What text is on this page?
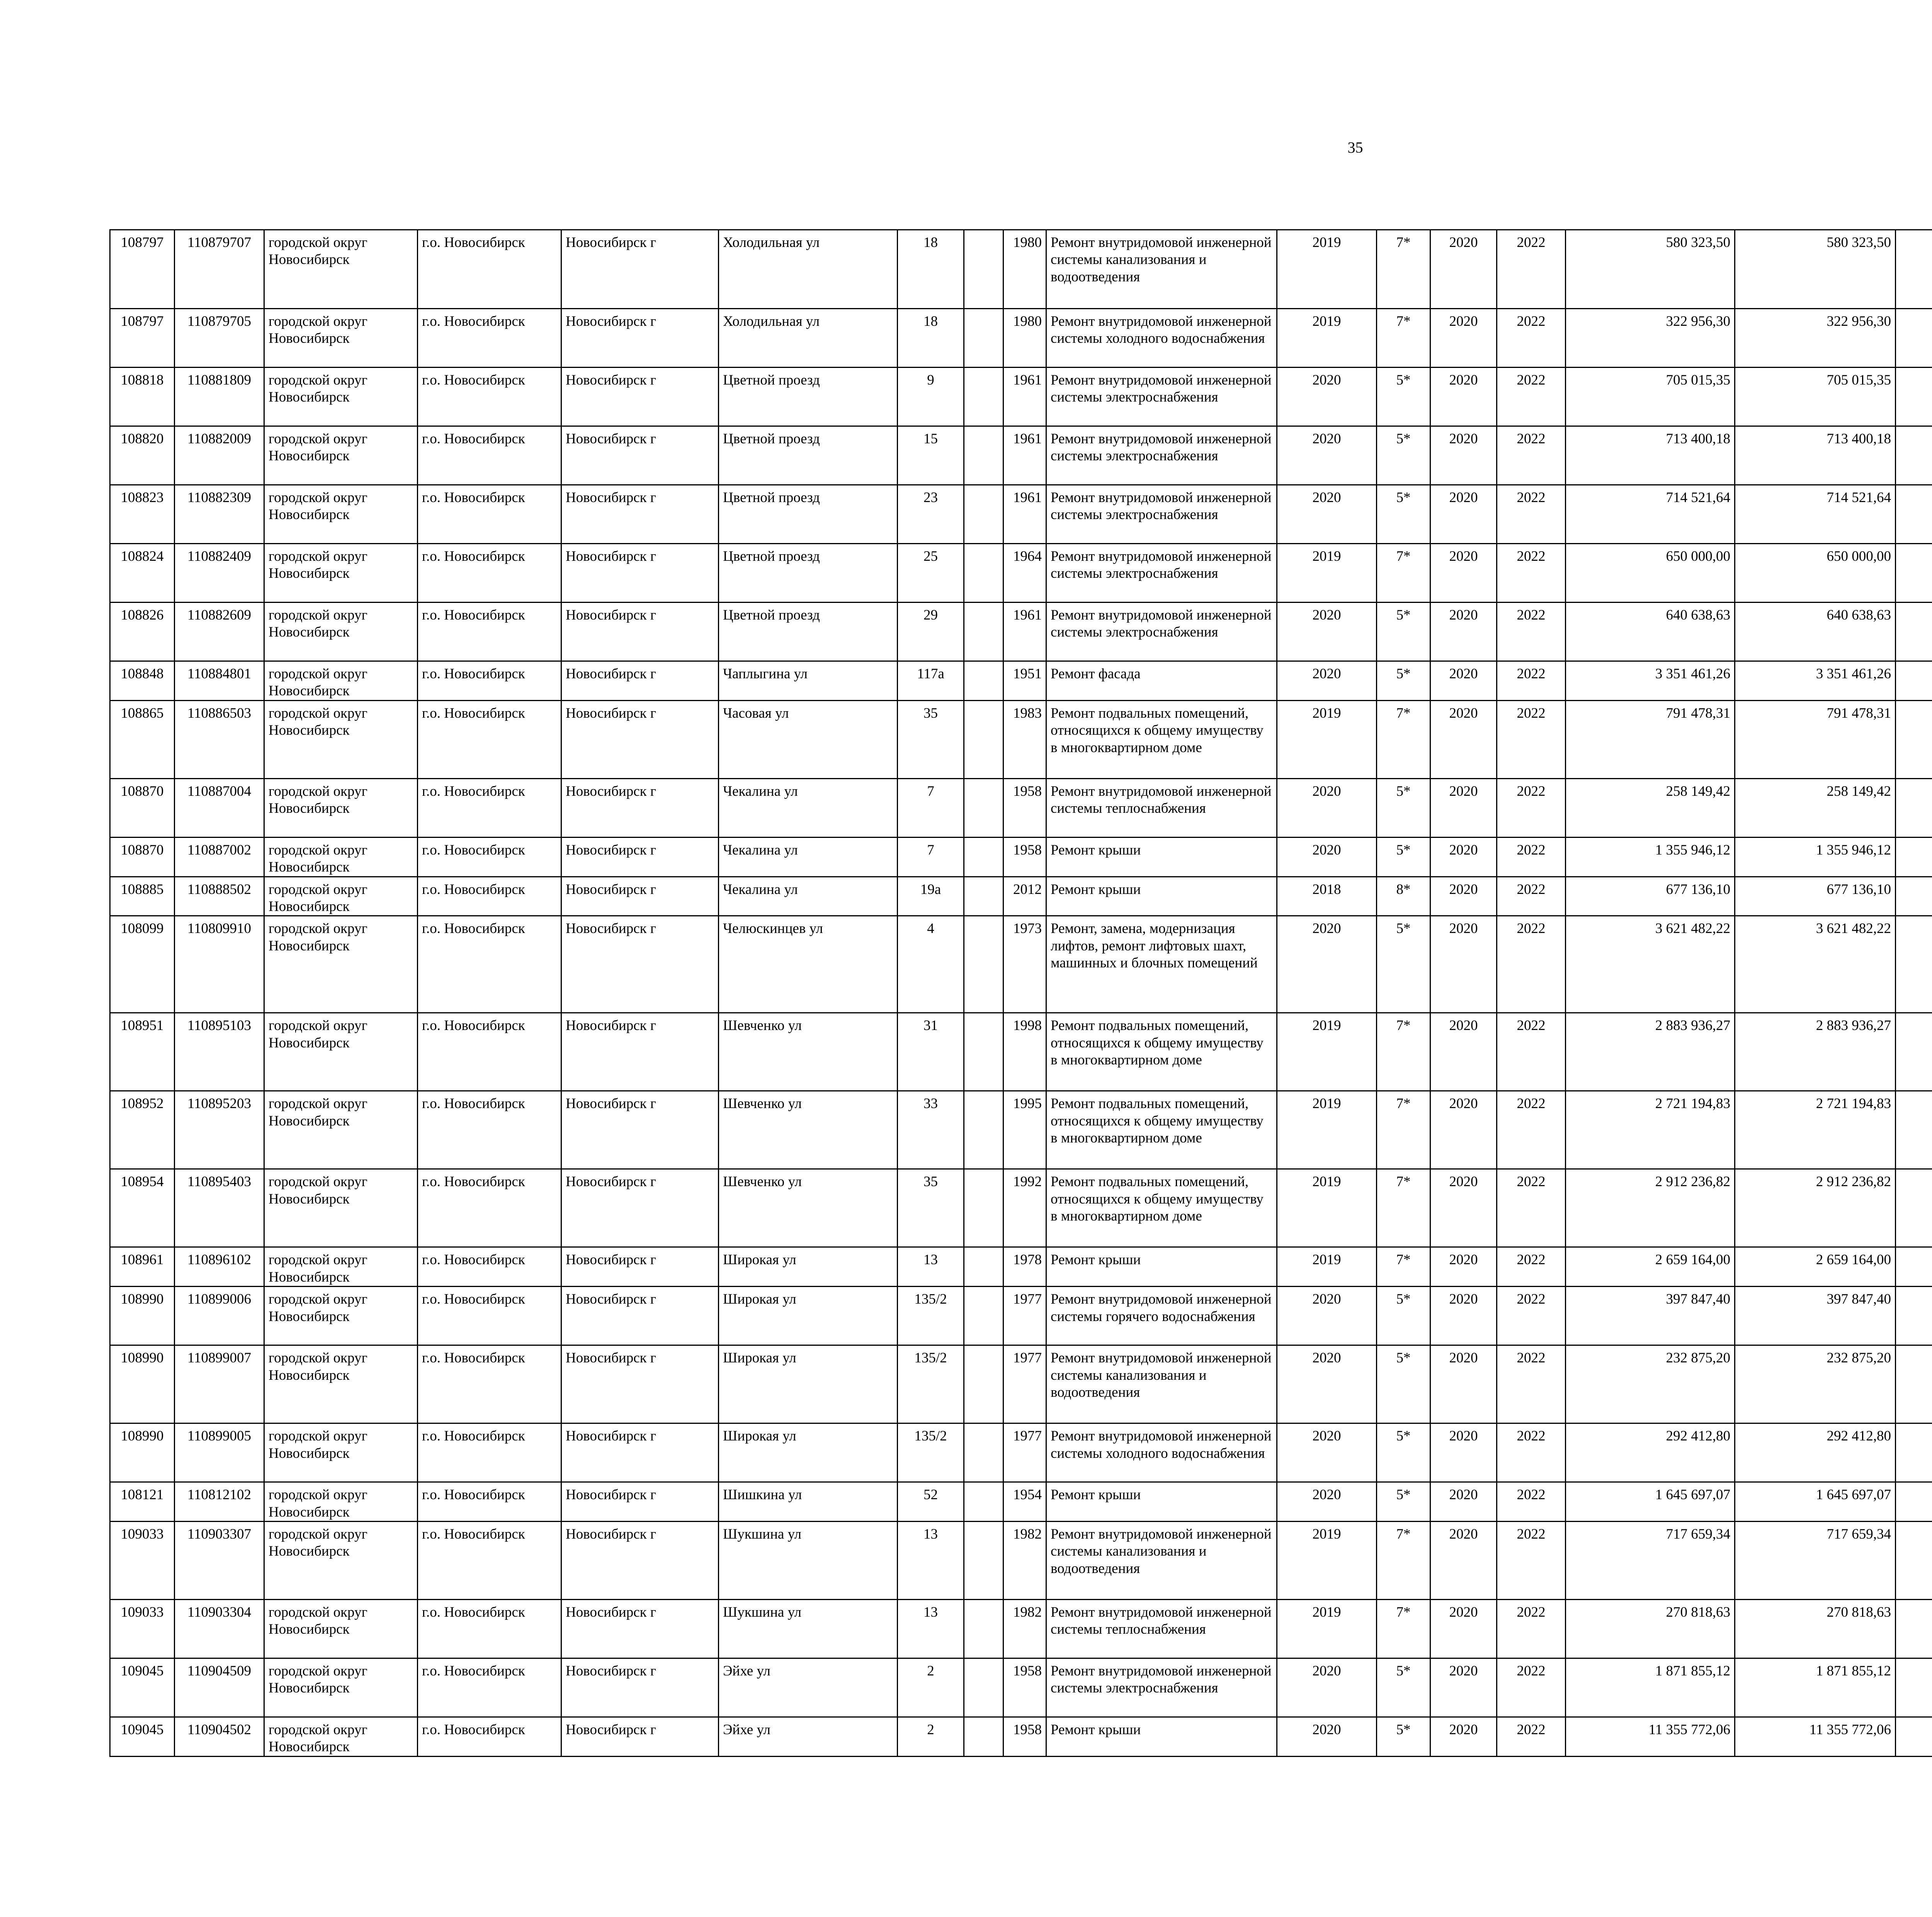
35
108797	110879707	городской округ Новосибирск	г.о. Новосибирск	Новосибирск г	Холодильная ул	18		1980	Ремонт внутридомовой инженерной системы канализования и водоотведения	2019	7*	2020	2022	580 323,50	580 323,50						
108797	110879705	городской округ Новосибирск	г.о. Новосибирск	Новосибирск г	Холодильная ул	18		1980	Ремонт внутридомовой инженерной системы холодного водоснабжения	2019	7*	2020	2022	322 956,30	322 956,30						
108818	110881809	городской округ Новосибирск	г.о. Новосибирск	Новосибирск г	Цветной проезд	9		1961	Ремонт внутридомовой инженерной системы электроснабжения	2020	5*	2020	2022	705 015,35	705 015,35						
108820	110882009	городской округ Новосибирск	г.о. Новосибирск	Новосибирск г	Цветной проезд	15		1961	Ремонт внутридомовой инженерной системы электроснабжения	2020	5*	2020	2022	713 400,18	713 400,18						
108823	110882309	городской округ Новосибирск	г.о. Новосибирск	Новосибирск г	Цветной проезд	23		1961	Ремонт внутридомовой инженерной системы электроснабжения	2020	5*	2020	2022	714 521,64	714 521,64						
108824	110882409	городской округ Новосибирск	г.о. Новосибирск	Новосибирск г	Цветной проезд	25		1964	Ремонт внутридомовой инженерной системы электроснабжения	2019	7*	2020	2022	650 000,00	650 000,00						
108826	110882609	городской округ Новосибирск	г.о. Новосибирск	Новосибирск г	Цветной проезд	29		1961	Ремонт внутридомовой инженерной системы электроснабжения	2020	5*	2020	2022	640 638,63	640 638,63						
108848	110884801	городской округ Новосибирск	г.о. Новосибирск	Новосибирск г	Чаплыгина ул	117а		1951	Ремонт фасада	2020	5*	2020	2022	3 351 461,26	3 351 461,26						
108865	110886503	городской округ Новосибирск	г.о. Новосибирск	Новосибирск г	Часовая ул	35		1983	Ремонт подвальных помещений, относящихся к общему имуществу в многоквартирном доме	2019	7*	2020	2022	791 478,31	791 478,31						
108870	110887004	городской округ Новосибирск	г.о. Новосибирск	Новосибирск г	Чекалина ул	7		1958	Ремонт внутридомовой инженерной системы теплоснабжения	2020	5*	2020	2022	258 149,42	258 149,42						
108870	110887002	городской округ Новосибирск	г.о. Новосибирск	Новосибирск г	Чекалина ул	7		1958	Ремонт крыши	2020	5*	2020	2022	1 355 946,12	1 355 946,12						
108885	110888502	городской округ Новосибирск	г.о. Новосибирск	Новосибирск г	Чекалина ул	19а		2012	Ремонт крыши	2018	8*	2020	2022	677 136,10	677 136,10						
108099	110809910	городской округ Новосибирск	г.о. Новосибирск	Новосибирск г	Челюскинцев ул	4		1973	Ремонт, замена, модернизация лифтов, ремонт лифтовых шахт, машинных и блочных помещений	2020	5*	2020	2022	3 621 482,22	3 621 482,22						
108951	110895103	городской округ Новосибирск	г.о. Новосибирск	Новосибирск г	Шевченко ул	31		1998	Ремонт подвальных помещений, относящихся к общему имуществу в многоквартирном доме	2019	7*	2020	2022	2 883 936,27	2 883 936,27						
108952	110895203	городской округ Новосибирск	г.о. Новосибирск	Новосибирск г	Шевченко ул	33		1995	Ремонт подвальных помещений, относящихся к общему имуществу в многоквартирном доме	2019	7*	2020	2022	2 721 194,83	2 721 194,83						
108954	110895403	городской округ Новосибирск	г.о. Новосибирск	Новосибирск г	Шевченко ул	35		1992	Ремонт подвальных помещений, относящихся к общему имуществу в многоквартирном доме	2019	7*	2020	2022	2 912 236,82	2 912 236,82						
108961	110896102	городской округ Новосибирск	г.о. Новосибирск	Новосибирск г	Широкая ул	13		1978	Ремонт крыши	2019	7*	2020	2022	2 659 164,00	2 659 164,00						
108990	110899006	городской округ Новосибирск	г.о. Новосибирск	Новосибирск г	Широкая ул	135/2		1977	Ремонт внутридомовой инженерной системы горячего водоснабжения	2020	5*	2020	2022	397 847,40	397 847,40						
108990	110899007	городской округ Новосибирск	г.о. Новосибирск	Новосибирск г	Широкая ул	135/2		1977	Ремонт внутридомовой инженерной системы канализования и водоотведения	2020	5*	2020	2022	232 875,20	232 875,20						
108990	110899005	городской округ Новосибирск	г.о. Новосибирск	Новосибирск г	Широкая ул	135/2		1977	Ремонт внутридомовой инженерной системы холодного водоснабжения	2020	5*	2020	2022	292 412,80	292 412,80						
108121	110812102	городской округ Новосибирск	г.о. Новосибирск	Новосибирск г	Шишкина ул	52		1954	Ремонт крыши	2020	5*	2020	2022	1 645 697,07	1 645 697,07						
109033	110903307	городской округ Новосибирск	г.о. Новосибирск	Новосибирск г	Шукшина ул	13		1982	Ремонт внутридомовой инженерной системы канализования и водоотведения	2019	7*	2020	2022	717 659,34	717 659,34						
109033	110903304	городской округ Новосибирск	г.о. Новосибирск	Новосибирск г	Шукшина ул	13		1982	Ремонт внутридомовой инженерной системы теплоснабжения	2019	7*	2020	2022	270 818,63	270 818,63						
109045	110904509	городской округ Новосибирск	г.о. Новосибирск	Новосибирск г	Эйхе ул	2		1958	Ремонт внутридомовой инженерной системы электроснабжения	2020	5*	2020	2022	1 871 855,12	1 871 855,12						
109045	110904502	городской округ Новосибирск	г.о. Новосибирск	Новосибирск г	Эйхе ул	2		1958	Ремонт крыши	2020	5*	2020	2022	11 355 772,06	11 355 772,06						
